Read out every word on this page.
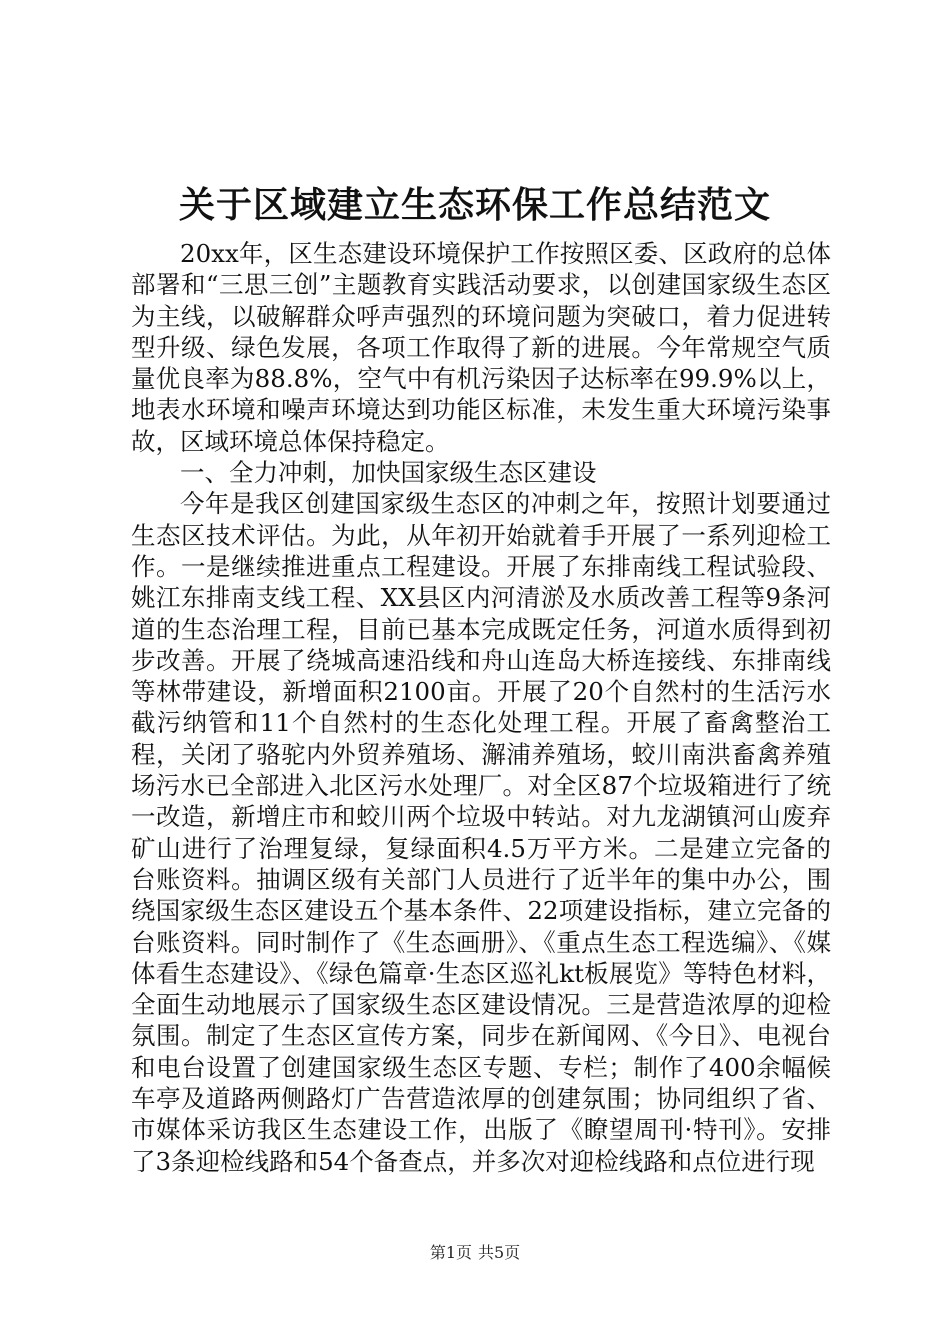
关于区域建立生态环保工作总结范文

20xx年，区生态建设环境保护工作按照区委、区政府的总体部署和“三思三创”主题教育实践活动要求，以创建国家级生态区为主线，以破解群众呼声强烈的环境问题为突破口，着力促进转型升级、绿色发展，各项工作取得了新的进展。今年常规空气质量优良率为88.8%，空气中有机污染因子达标率在99.9%以上，地表水环境和噪声环境达到功能区标准，未发生重大环境污染事故，区域环境总体保持稳定。

一、全力冲刺，加快国家级生态区建设

今年是我区创建国家级生态区的冲刺之年，按照计划要通过生态区技术评估。为此，从年初开始就着手开展了一系列迎检工作。一是继续推进重点工程建设。开展了东排南线工程试验段、姚江东排南支线工程、XX县区内河清淤及水质改善工程等9条河道的生态治理工程，目前已基本完成既定任务，河道水质得到初步改善。开展了绕城高速沿线和舟山连岛大桥连接线、东排南线等林带建设，新增面积2100亩。开展了20个自然村的生活污水截污纳管和11个自然村的生态化处理工程。开展了畜禽整治工程，关闭了骆驼内外贸养殖场、澥浦养殖场，蛟川南洪畜禽养殖场污水已全部进入北区污水处理厂。对全区87个垃圾箱进行了统一改造，新增庄市和蛟川两个垃圾中转站。对九龙湖镇河山废弃矿山进行了治理复绿，复绿面积4.5万平方米。二是建立完备的台账资料。抽调区级有关部门人员进行了近半年的集中办公，围绕国家级生态区建设五个基本条件、22项建设指标，建立完备的台账资料。同时制作了《生态画册》、《重点生态工程选编》、《媒体看生态建设》、《绿色篇章·生态区巡礼kt板展览》等特色材料，全面生动地展示了国家级生态区建设情况。三是营造浓厚的迎检氛围。制定了生态区宣传方案，同步在新闻网、《今日》、电视台和电台设置了创建国家级生态区专题、专栏；制作了400余幅候车亭及道路两侧路灯广告营造浓厚的创建氛围；协同组织了省、市媒体采访我区生态建设工作，出版了《瞭望周刊·特刊》。安排了3条迎检线路和54个备查点，并多次对迎检线路和点位进行现

第1页 共5页
